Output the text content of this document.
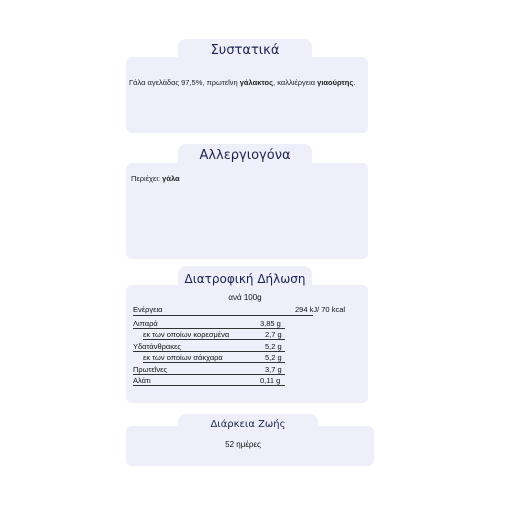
Συστατικά
Γάλα αγελάδας 97,5%, πρωτεΐνη γάλακτος, καλλιέργεια γιαούρτης.
Αλλεργιογόνα
Περιέχει: γάλα
Διατροφική Δήλωση
ανά 100g
Ενέργεια	294 kJ/ 70 kcal
Λιπαρά	3,85 g
εκ των οποίων κορεσμένα	2,7 g
Υδατάνθρακες	5,2 g
εκ των οποίων σάκχαρα	5,2 g
Πρωτεΐνες	3,7 g
Αλάτι	0,11 g
Διάρκεια Ζωής
52 ημέρες
